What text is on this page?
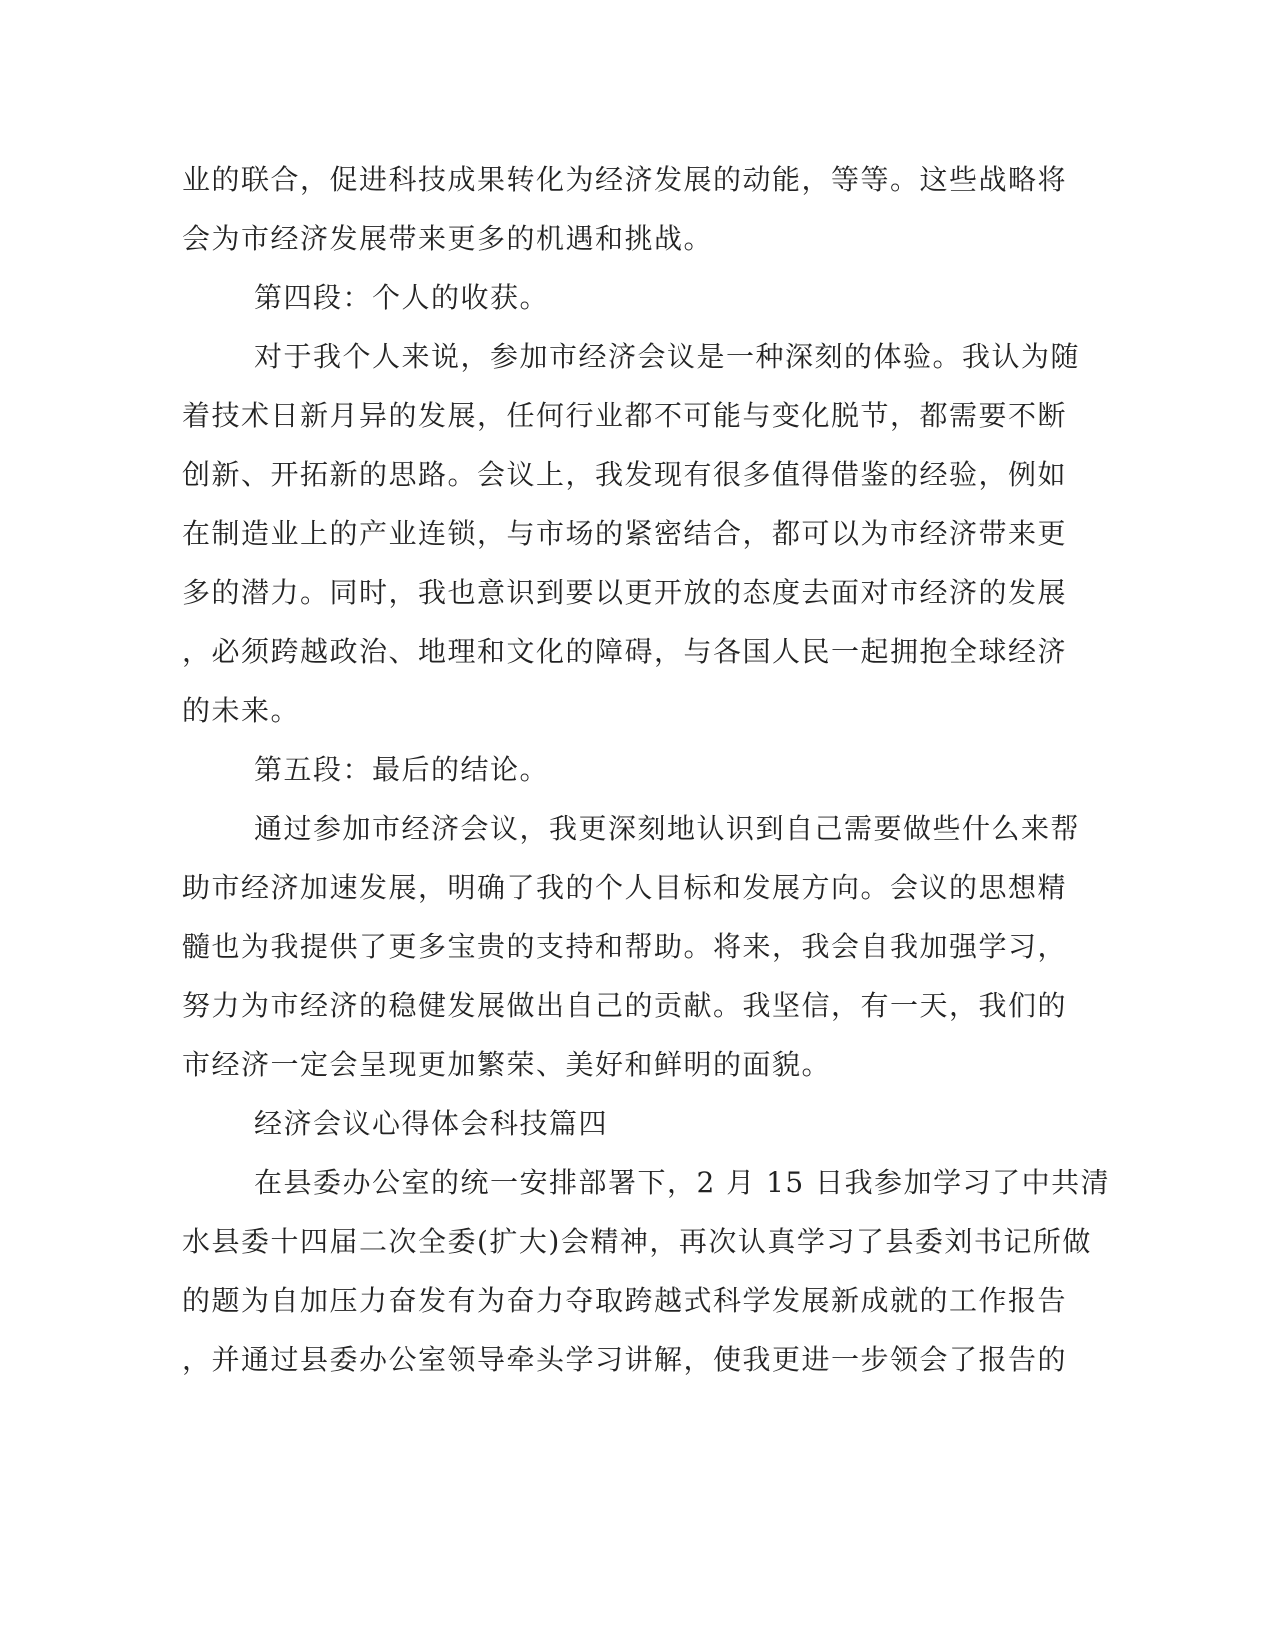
业的联合，促进科技成果转化为经济发展的动能，等等。这些战略将

会为市经济发展带来更多的机遇和挑战。

第四段：个人的收获。

对于我个人来说，参加市经济会议是一种深刻的体验。我认为随

着技术日新月异的发展，任何行业都不可能与变化脱节，都需要不断

创新、开拓新的思路。会议上，我发现有很多值得借鉴的经验，例如

在制造业上的产业连锁，与市场的紧密结合，都可以为市经济带来更

多的潜力。同时，我也意识到要以更开放的态度去面对市经济的发展

，必须跨越政治、地理和文化的障碍，与各国人民一起拥抱全球经济

的未来。

第五段：最后的结论。

通过参加市经济会议，我更深刻地认识到自己需要做些什么来帮

助市经济加速发展，明确了我的个人目标和发展方向。会议的思想精

髓也为我提供了更多宝贵的支持和帮助。将来，我会自我加强学习，

努力为市经济的稳健发展做出自己的贡献。我坚信，有一天，我们的

市经济一定会呈现更加繁荣、美好和鲜明的面貌。

经济会议心得体会科技篇四

在县委办公室的统一安排部署下，2 月 15 日我参加学习了中共清

水县委十四届二次全委(扩大)会精神，再次认真学习了县委刘书记所做

的题为自加压力奋发有为奋力夺取跨越式科学发展新成就的工作报告

，并通过县委办公室领导牵头学习讲解，使我更进一步领会了报告的
